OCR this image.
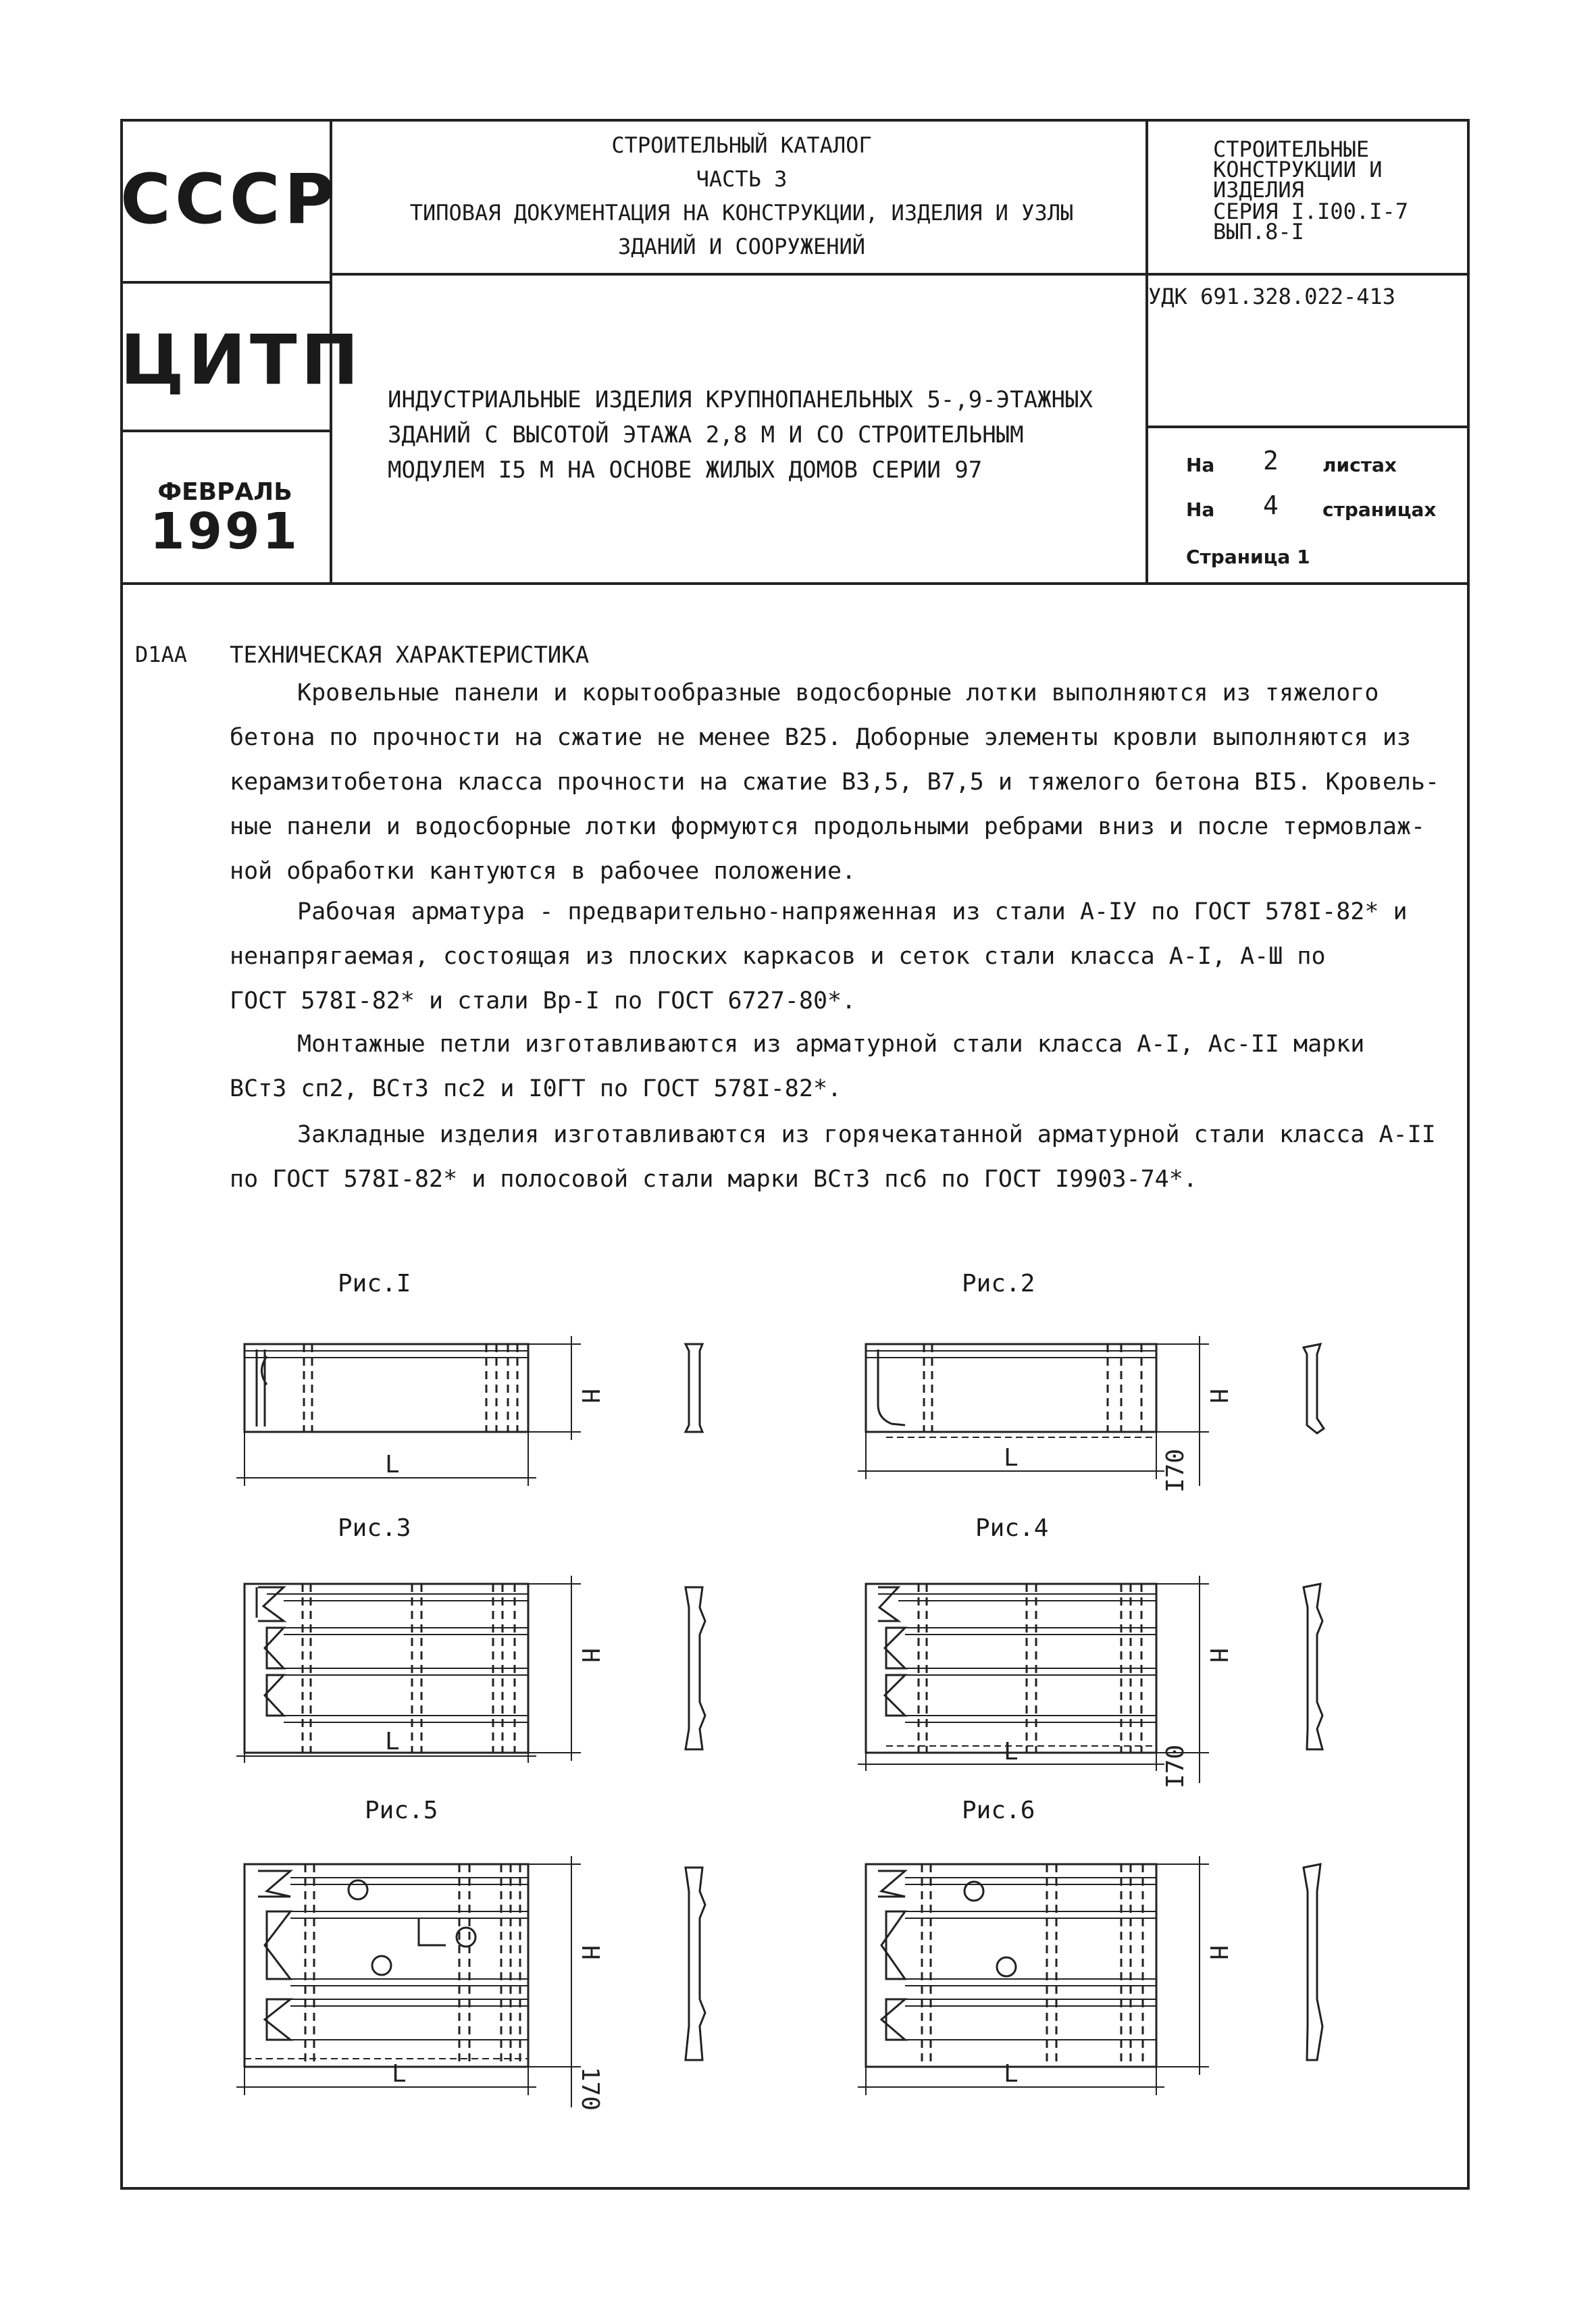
СССР
ЦИТП
ФЕВРАЛЬ
1991
СТРОИТЕЛЬНЫЙ КАТАЛОГ
ЧАСТЬ 3
ТИПОВАЯ ДОКУМЕНТАЦИЯ НА КОНСТРУКЦИИ, ИЗДЕЛИЯ И УЗЛЫ
ЗДАНИЙ И СООРУЖЕНИЙ
СТРОИТЕЛЬНЫЕ
КОНСТРУКЦИИ И
ИЗДЕЛИЯ
СЕРИЯ I.I00.I-7
ВЫП.8-I
УДК 691.328.022-413
ИНДУСТРИАЛЬНЫЕ ИЗДЕЛИЯ КРУПНОПАНЕЛЬНЫХ 5-,9-ЭТАЖНЫХ
ЗДАНИЙ С ВЫСОТОЙ ЭТАЖА 2,8 М И СО СТРОИТЕЛЬНЫМ
МОДУЛЕМ I5 М НА ОСНОВЕ ЖИЛЫХ ДОМОВ СЕРИИ 97	На 2 листах
На 4 страницах
Страница 1
D1AA ТЕХНИЧЕСКАЯ ХАРАКТЕРИСТИКА
Кровельные панели и корытообразные водосборные лотки выполняются из тяжелого
бетона по прочности на сжатие не менее В25. Доборные элементы кровли выполняются из
керамзитобетона класса прочности на сжатие В3,5, В7,5 и тяжелого бетона ВI5. Кровель-
ные панели и водосборные лотки формуются продольными ребрами вниз и после термовлаж-
ной обработки кантуются в рабочее положение.
Рабочая арматура - предварительно-напряженная из стали А-IУ по ГОСТ 578I-82* и
ненапрягаемая, состоящая из плоских каркасов и сеток стали класса А-I, А-Ш по
ГОСТ 578I-82* и стали Вр-I по ГОСТ 6727-80*.
Монтажные петли изготавливаются из арматурной стали класса А-I, Ас-II марки
ВСт3 сп2, ВСт3 пс2 и I0ГТ по ГОСТ 578I-82*.
Закладные изделия изготавливаются из горячекатанной арматурной стали класса А-II
по ГОСТ 578I-82* и полосовой стали марки ВСт3 пс6 по ГОСТ I9903-74*.
Рис.I	Рис.2
Рис.3	Рис.4
Рис.5	Рис.6
L
H
L
H
I70
L
H
L
H
I70
L
H
170	L
H
